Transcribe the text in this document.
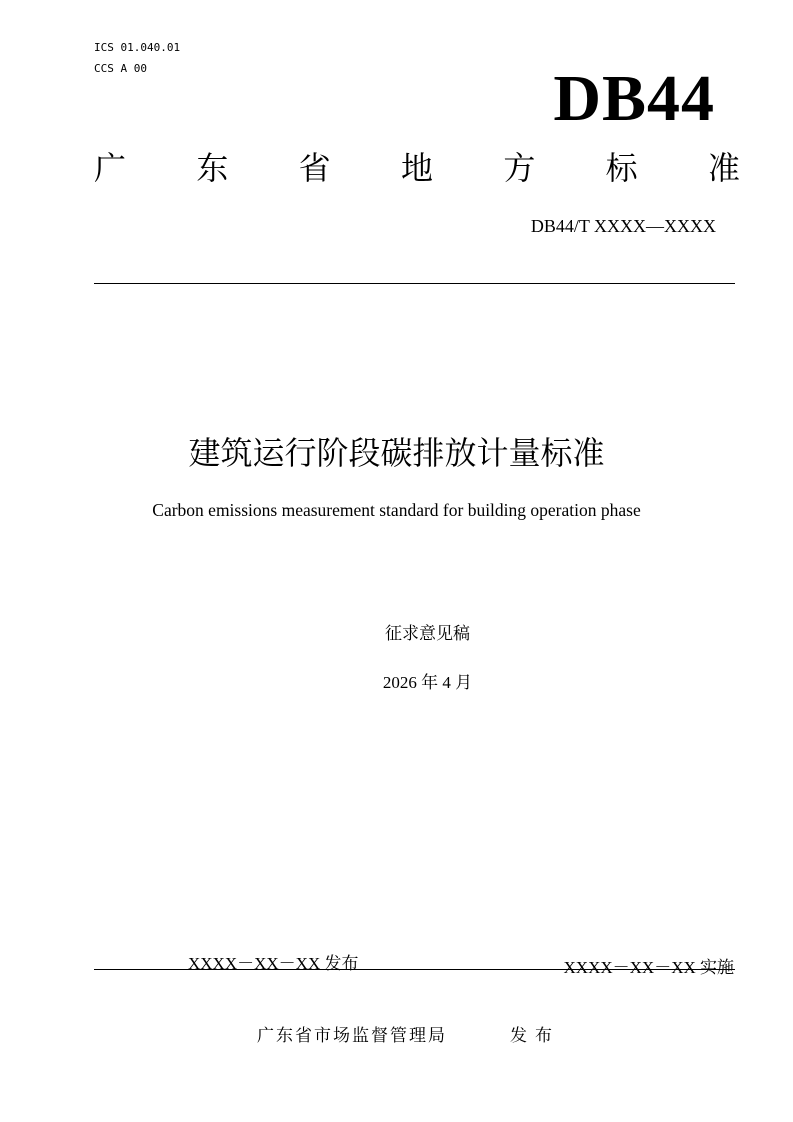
ICS 01.040.01
CCS A 00	DB44
广 东 省 地 方 标 准
DB44/T XXXX—XXXX
建筑运行阶段碳排放计量标准
Carbon emissions measurement standard for building operation phase
征求意见稿
2026 年 4 月
XXXX－XX－XX 发布	XXXX－XX－XX 实施
广东省市场监督管理局	发布
